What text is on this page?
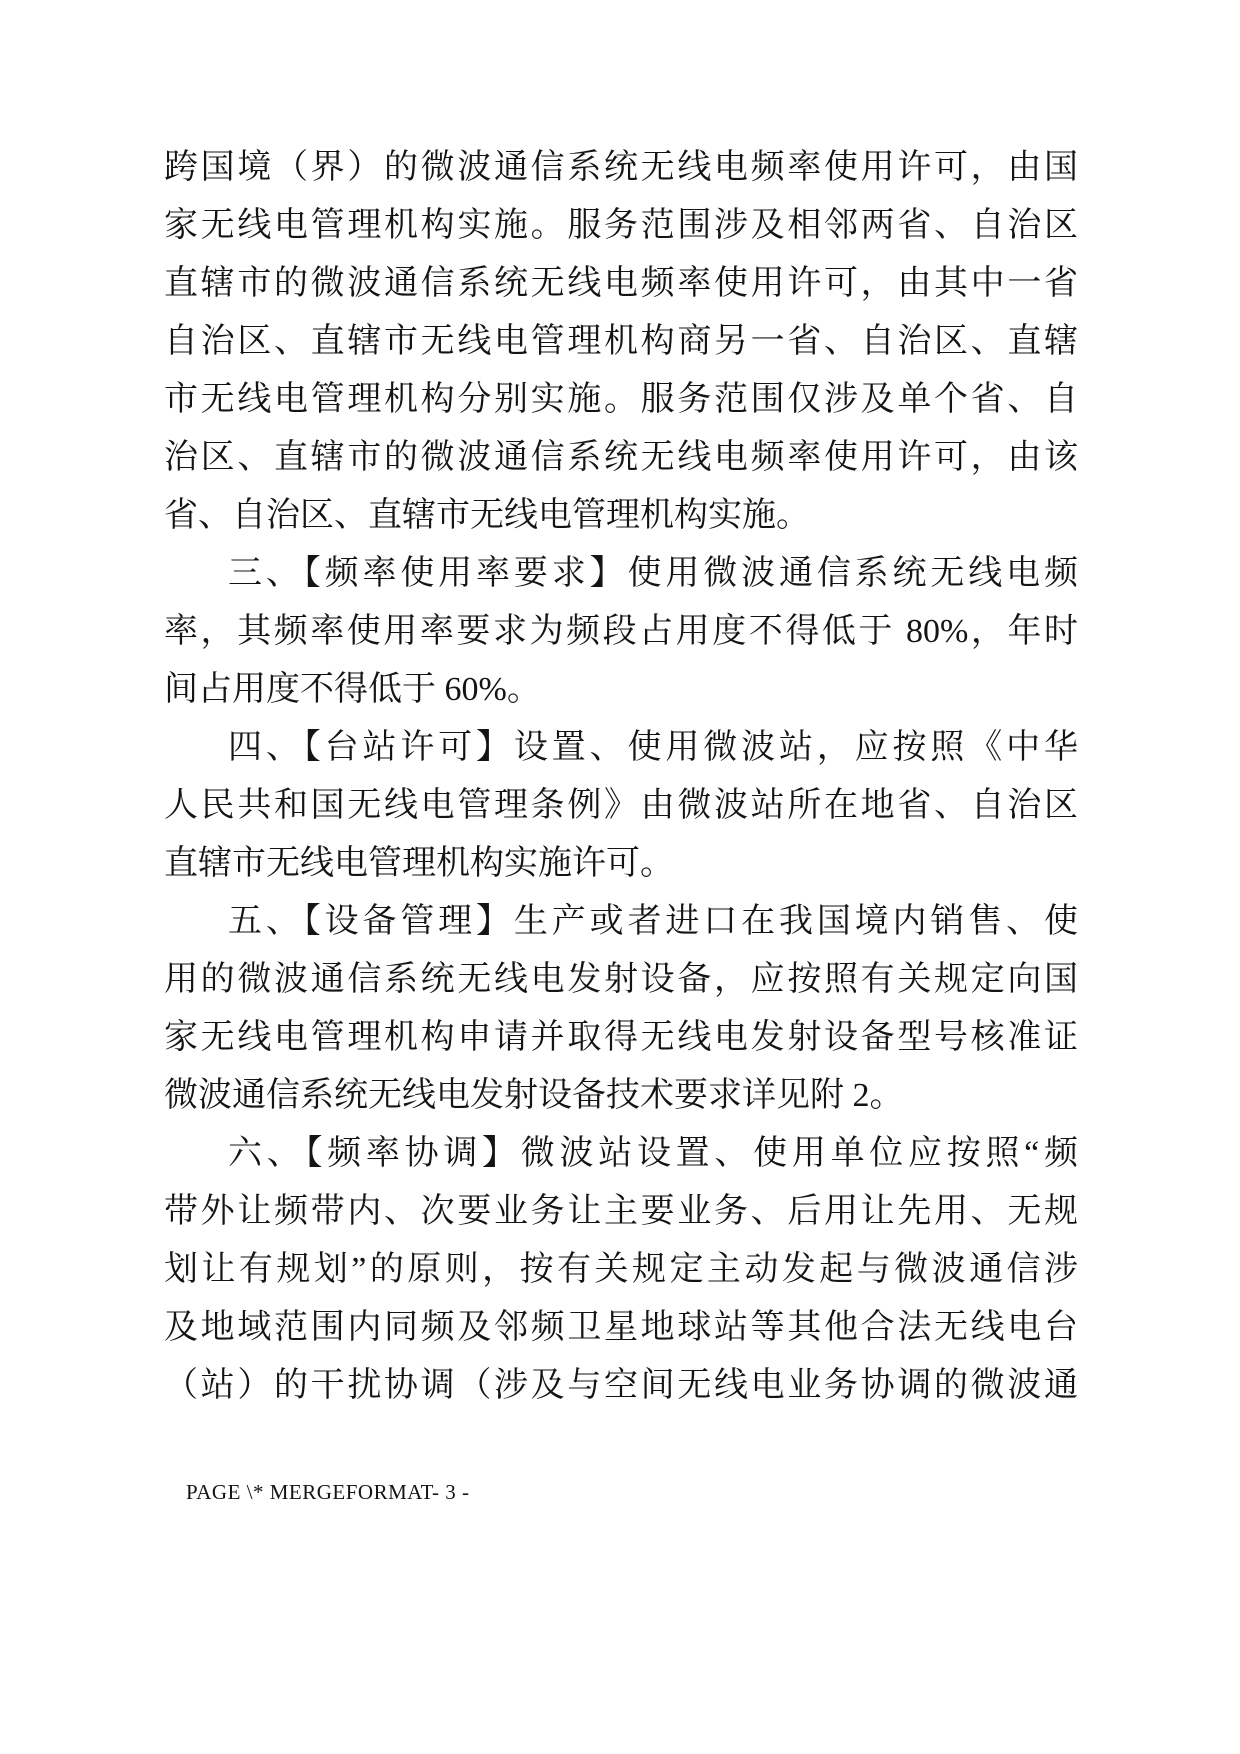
跨国境（界）的微波通信系统无线电频率使用许可，由国
家无线电管理机构实施。服务范围涉及相邻两省、自治区
直辖市的微波通信系统无线电频率使用许可，由其中一省
自治区、直辖市无线电管理机构商另一省、自治区、直辖
市无线电管理机构分别实施。服务范围仅涉及单个省、自
治区、直辖市的微波通信系统无线电频率使用许可，由该
省、自治区、直辖市无线电管理机构实施。
三、【频率使用率要求】使用微波通信系统无线电频
率，其频率使用率要求为频段占用度不得低于 80%，年时
间占用度不得低于 60%。
四、【台站许可】设置、使用微波站，应按照《中华
人民共和国无线电管理条例》由微波站所在地省、自治区
直辖市无线电管理机构实施许可。
五、【设备管理】生产或者进口在我国境内销售、使
用的微波通信系统无线电发射设备，应按照有关规定向国
家无线电管理机构申请并取得无线电发射设备型号核准证
微波通信系统无线电发射设备技术要求详见附 2。
六、【频率协调】微波站设置、使用单位应按照“频
带外让频带内、次要业务让主要业务、后用让先用、无规
划让有规划”的原则，按有关规定主动发起与微波通信涉
及地域范围内同频及邻频卫星地球站等其他合法无线电台
（站）的干扰协调（涉及与空间无线电业务协调的微波通
PAGE \* MERGEFORMAT- 3 -
